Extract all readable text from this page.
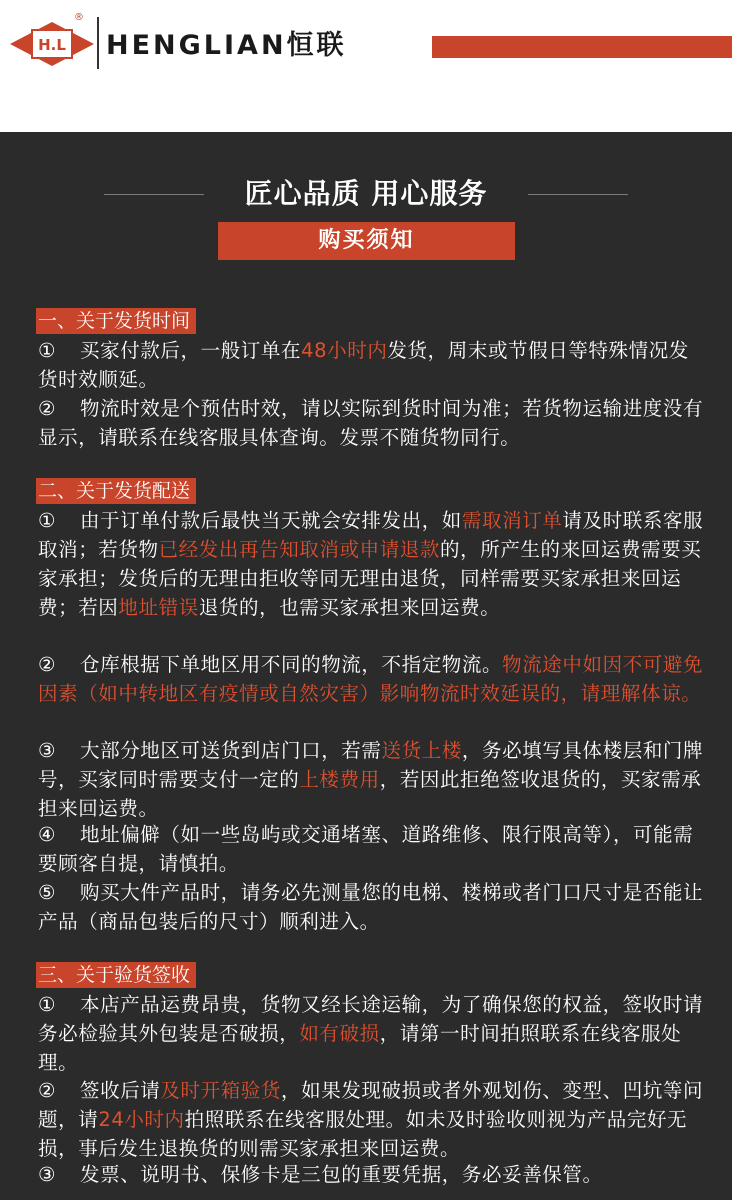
H.L
®
HENGLIAN恒联
匠心品质 用心服务
购买须知
一、关于发货时间
① 买家付款后，一般订单在48小时内发货，周末或节假日等特殊情况发货时效顺延。
② 物流时效是个预估时效，请以实际到货时间为准；若货物运输进度没有显示，请联系在线客服具体查询。发票不随货物同行。
二、关于发货配送
① 由于订单付款后最快当天就会安排发出，如需取消订单请及时联系客服取消；若货物已经发出再告知取消或申请退款的，所产生的来回运费需要买家承担；发货后的无理由拒收等同无理由退货，同样需要买家承担来回运费；若因地址错误退货的，也需买家承担来回运费。
② 仓库根据下单地区用不同的物流，不指定物流。物流途中如因不可避免因素（如中转地区有疫情或自然灾害）影响物流时效延误的，请理解体谅。
③ 大部分地区可送货到店门口，若需送货上楼，务必填写具体楼层和门牌号，买家同时需要支付一定的上楼费用，若因此拒绝签收退货的，买家需承担来回运费。
④ 地址偏僻（如一些岛屿或交通堵塞、道路维修、限行限高等），可能需要顾客自提，请慎拍。
⑤ 购买大件产品时，请务必先测量您的电梯、楼梯或者门口尺寸是否能让产品（商品包装后的尺寸）顺利进入。
三、关于验货签收
① 本店产品运费昂贵，货物又经长途运输，为了确保您的权益，签收时请务必检验其外包装是否破损，如有破损，请第一时间拍照联系在线客服处理。
② 签收后请及时开箱验货，如果发现破损或者外观划伤、变型、凹坑等问题，请24小时内拍照联系在线客服处理。如未及时验收则视为产品完好无损，事后发生退换货的则需买家承担来回运费。
③ 发票、说明书、保修卡是三包的重要凭据，务必妥善保管。
